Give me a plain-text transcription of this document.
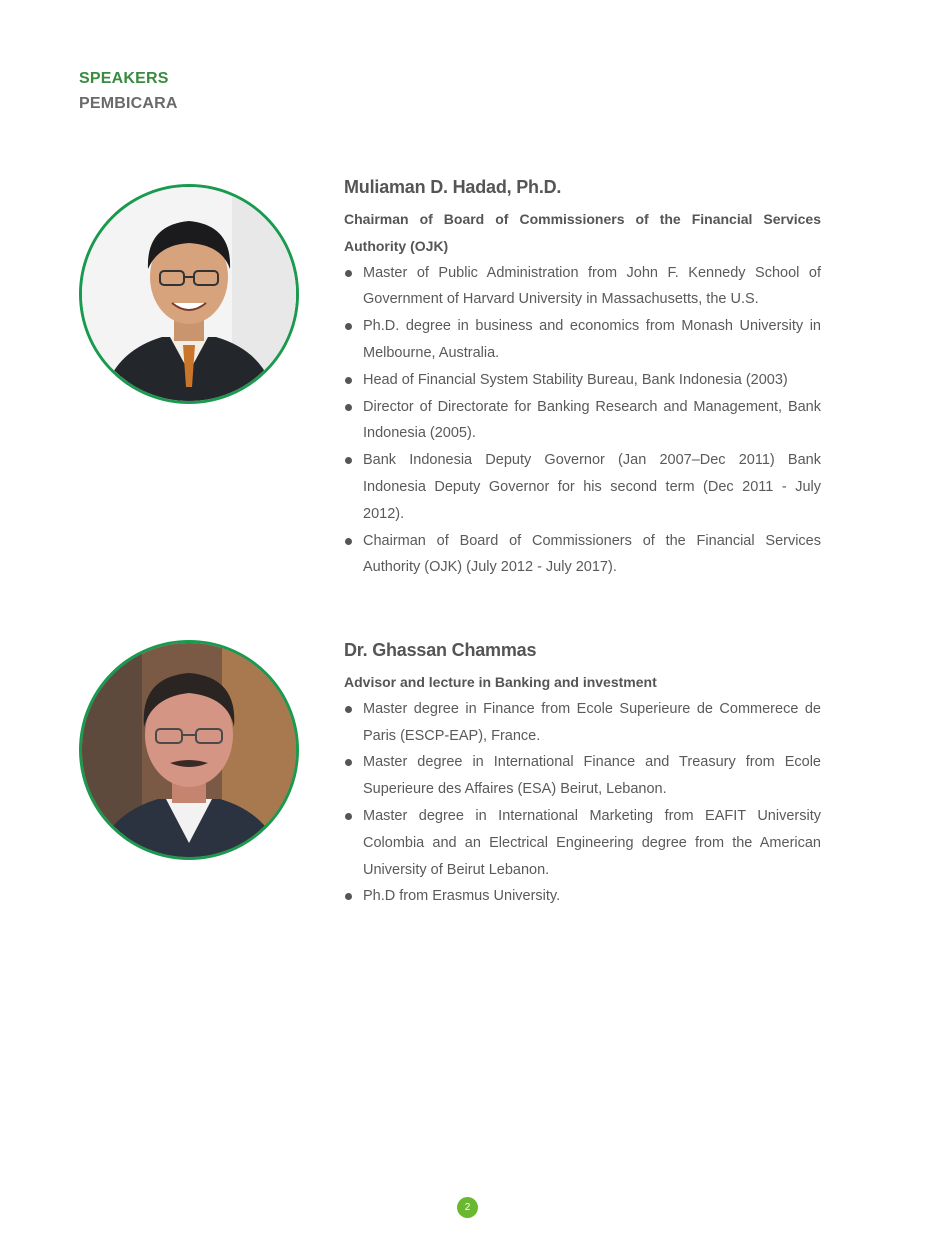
SPEAKERS
PEMBICARA
Muliaman D. Hadad, Ph.D.

Chairman of Board of Commissioners of the Financial Services Authority (OJK)

Master of Public Administration from John F. Kennedy School of Government of Harvard University in Massachusetts, the U.S.
Ph.D. degree in business and economics from Monash University in Melbourne, Australia.
Head of Financial System Stability Bureau, Bank Indonesia (2003)
Director of Directorate for Banking Research and Management, Bank Indonesia (2005).
Bank Indonesia Deputy Governor (Jan 2007–Dec 2011) Bank Indonesia Deputy Governor for his second term (Dec 2011 - July 2012).
Chairman of Board of Commissioners of the Financial Services Authority (OJK) (July 2012 - July 2017).
Dr. Ghassan Chammas

Advisor and lecture in Banking and investment

Master degree in Finance from Ecole Superieure de Commerece de Paris (ESCP-EAP), France.
Master degree in International Finance and Treasury from Ecole Superieure des Affaires (ESA) Beirut, Lebanon.
Master degree in International Marketing from EAFIT University Colombia and an Electrical Engineering degree from the American University of Beirut Lebanon.
Ph.D from Erasmus University.
2
